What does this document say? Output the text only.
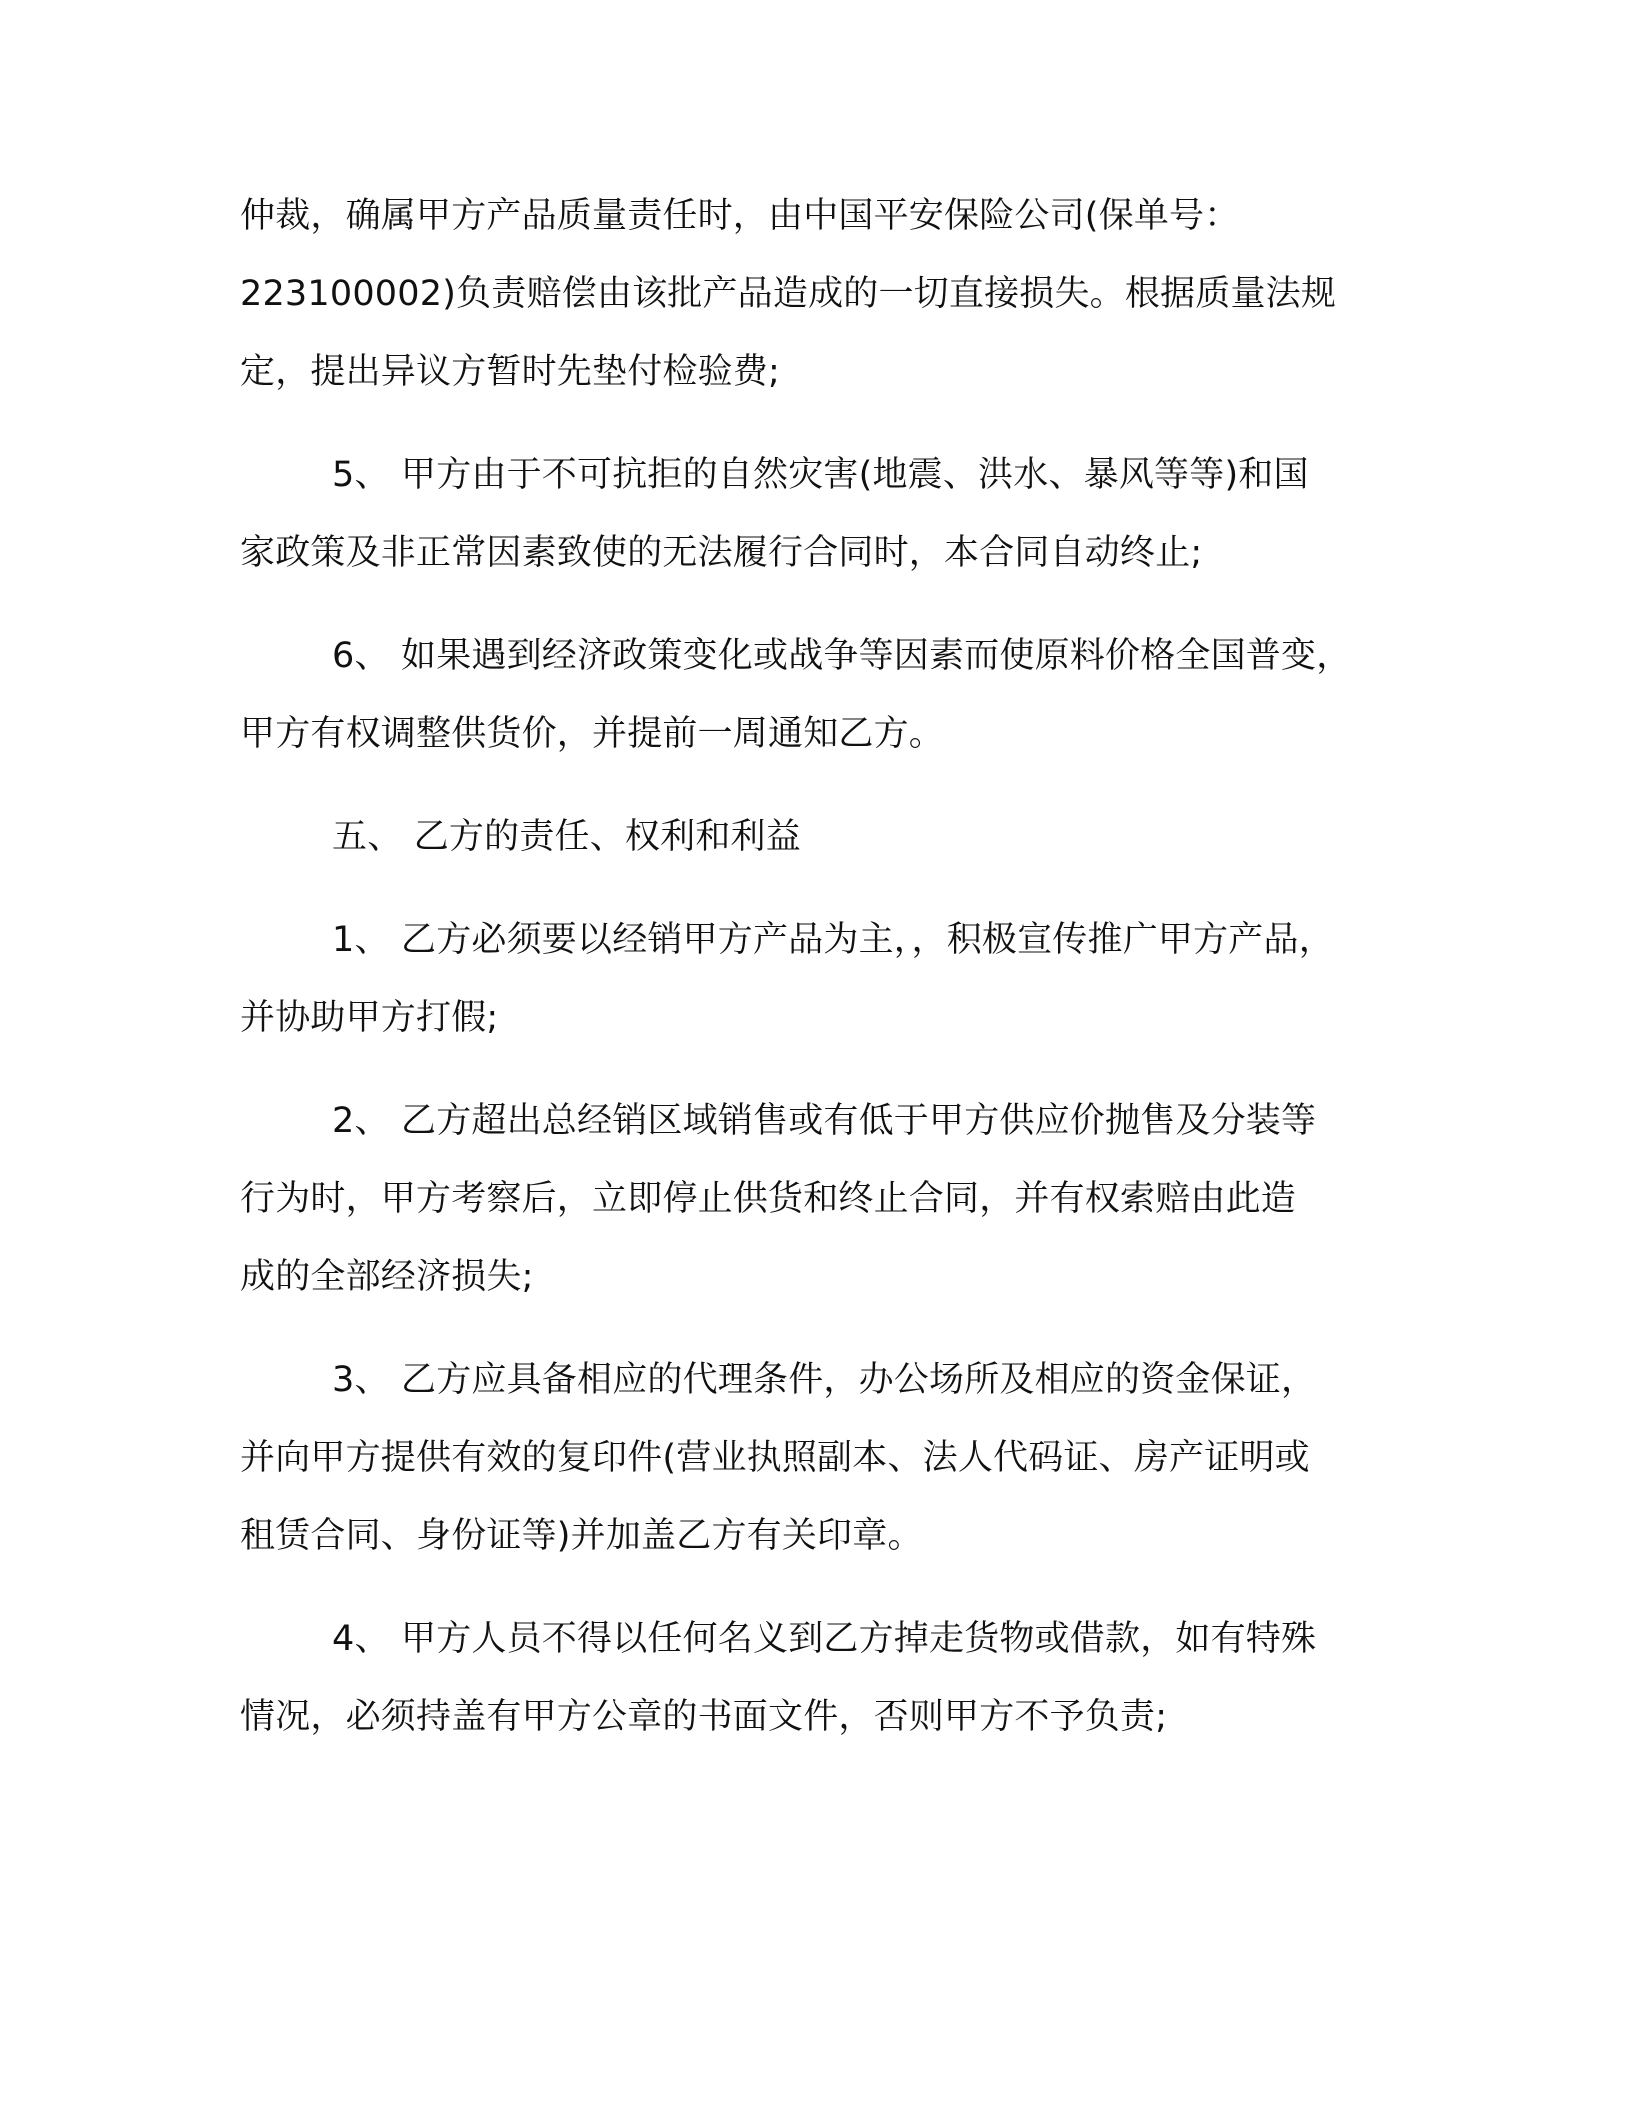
仲裁，确属甲方产品质量责任时，由中国平安保险公司(保单号：
223100002)负责赔偿由该批产品造成的一切直接损失。根据质量法规
定，提出异议方暂时先垫付检验费;
5、 甲方由于不可抗拒的自然灾害(地震、洪水、暴风等等)和国
家政策及非正常因素致使的无法履行合同时，本合同自动终止;
6、 如果遇到经济政策变化或战争等因素而使原料价格全国普变，
甲方有权调整供货价，并提前一周通知乙方。
五、 乙方的责任、权利和利益
1、 乙方必须要以经销甲方产品为主，，积极宣传推广甲方产品，
并协助甲方打假;
2、 乙方超出总经销区域销售或有低于甲方供应价抛售及分装等
行为时，甲方考察后，立即停止供货和终止合同，并有权索赔由此造
成的全部经济损失;
3、 乙方应具备相应的代理条件，办公场所及相应的资金保证，
并向甲方提供有效的复印件(营业执照副本、法人代码证、房产证明或
租赁合同、身份证等)并加盖乙方有关印章。
4、 甲方人员不得以任何名义到乙方掉走货物或借款，如有特殊
情况，必须持盖有甲方公章的书面文件，否则甲方不予负责;
